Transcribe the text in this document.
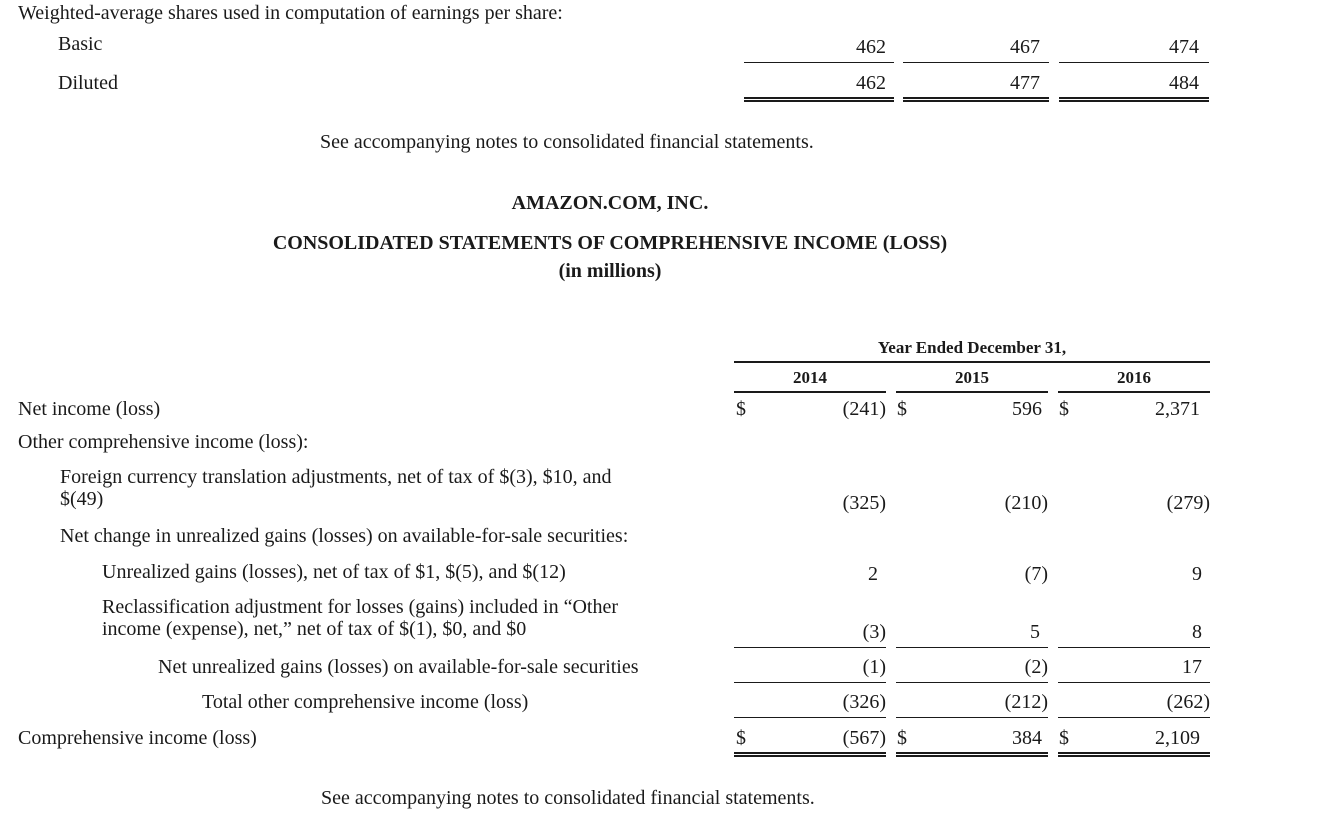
Weighted-average shares used in computation of earnings per share:
Basic	462	467	474
Diluted	462	477	484
See accompanying notes to consolidated financial statements.
AMAZON.COM, INC.
CONSOLIDATED STATEMENTS OF COMPREHENSIVE INCOME (LOSS)
(in millions)
Year Ended December 31,
2014	2015	2016
Net income (loss)	$	(241) $	596 $	2,371
Other comprehensive income (loss):
Foreign currency translation adjustments, net of tax of $(3), $10, and
$(49)	(325)	(210)	(279)
Net change in unrealized gains (losses) on available-for-sale securities:
Unrealized gains (losses), net of tax of $1, $(5), and $(12)	2	(7)	9
Reclassification adjustment for losses (gains) included in “Other
income (expense), net,” net of tax of $(1), $0, and $0	(3)	5	8
Net unrealized gains (losses) on available-for-sale securities	(1)	(2)	17
Total other comprehensive income (loss)	(326)	(212)	(262)
Comprehensive income (loss)	$	(567) $	384 $	2,109
See accompanying notes to consolidated financial statements.
